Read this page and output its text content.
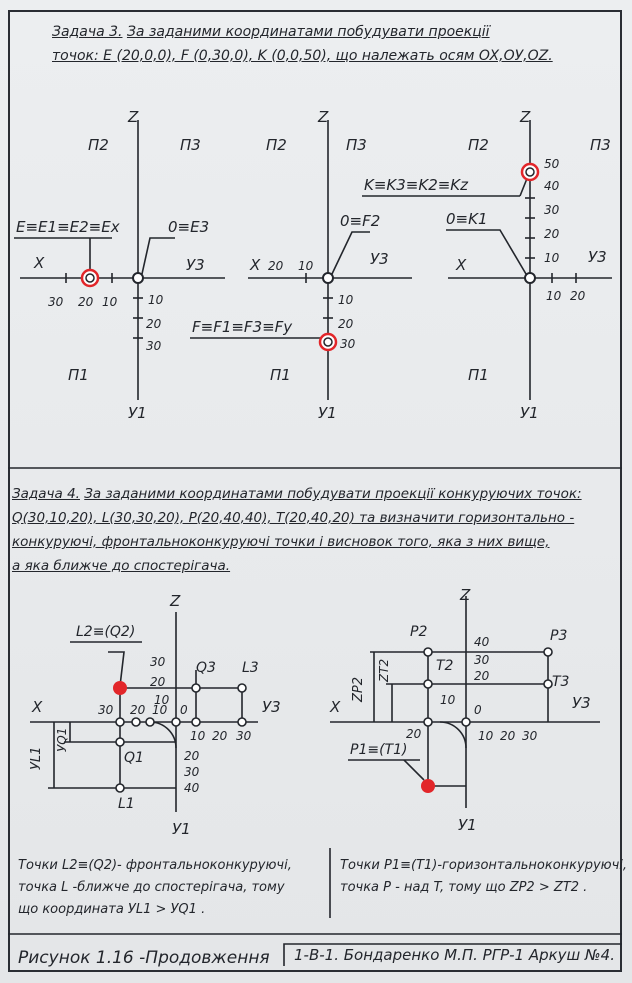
Задача 3. За заданими координатами побудувати проекції
точок: E (20,0,0), F (0,30,0), K (0,0,50), що належать осям OX,OУ,OZ.
Задача 4. За заданими координатами побудувати проекції конкуруючих точок:
Q(30,10,20), L(30,30,20), P(20,40,40), T(20,40,20) та визначити горизонтально -
конкуруючі, фронтальноконкуруючі точки і висновок того, яка з них вище,
а яка ближче до спостерігача.
Точки L2≡(Q2)- фронтальноконкуруючі,
точка L -ближче до спостерігача, тому
що координата УL1 > УQ1 .
Точки P1≡(T1)-горизонтальноконкуруючі,
точка P - над T, тому що ZP2 > ZT2 .
Рисунок 1.16 -Продовження 1-В-1. Бондаренко М.П. РГР-1 Аркуш №4.
Z
X
У1
У3
П1
П2	П3
E≡E1≡E2≡Ex	0≡E3
30 20 10	10
20
30
Z
X
У1
У3
П1
П2	П3
F≡F1≡F3≡Fy
0≡F2
20 10
10
20
30
Z
X
У1
У3
П1
П2	П3
K≡K3≡K2≡Kz
0≡K1
50
40
30
20
10
10 20
Z
X
У1
У3
L2≡(Q2)
Q3 L3
Q1
L1
30
20
10
30 20 10 0
20
30
40
10 20 30
УL1
УQ1
Z
X
У1
У3
P1≡(T1)
P2	P3
T2
T3
40
30
20
10
20
0
10 20 30
ZP2
ZT2
